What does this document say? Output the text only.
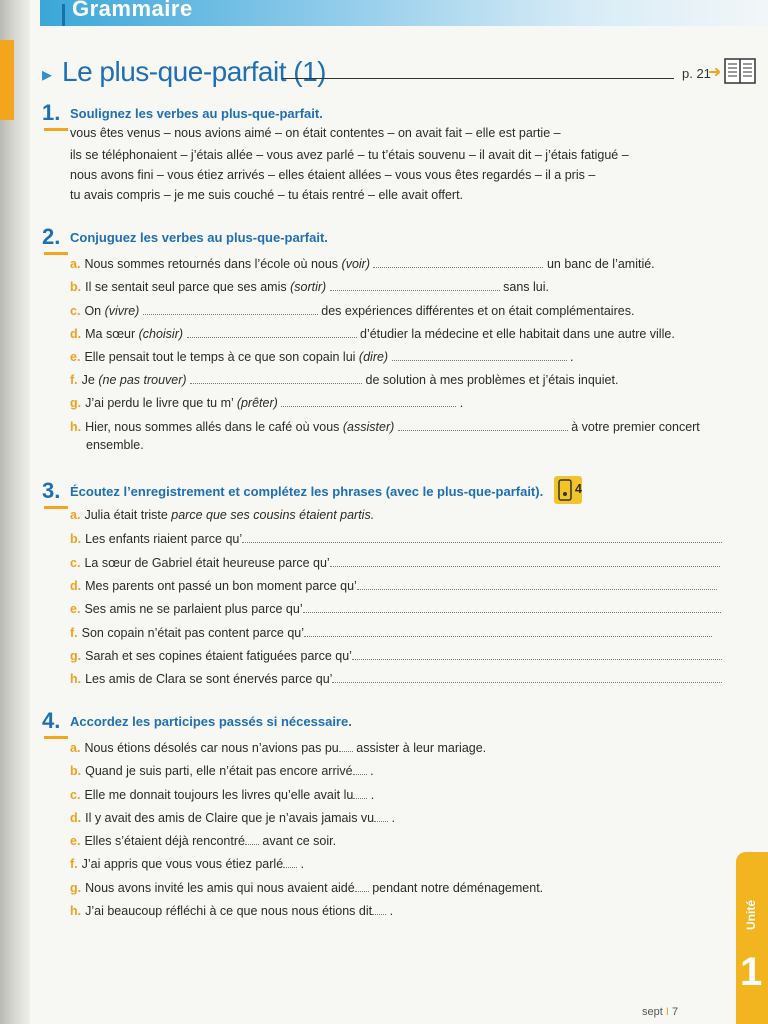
Grammaire
▸ Le plus-que-parfait (1)	p. 21
➜
1. Soulignez les verbes au plus-que-parfait.
vous êtes venus – nous avions aimé – on était contentes – on avait fait – elle est partie –
ils se téléphonaient – j’étais allée – vous avez parlé – tu t’étais souvenu – il avait dit – j’étais fatigué –
nous avons fini – vous étiez arrivés – elles étaient allées – vous vous êtes regardés – il a pris –
tu avais compris – je me suis couché – tu étais rentré – elle avait offert.
2. Conjuguez les verbes au plus-que-parfait.
a. Nous sommes retournés dans l’école où nous (voir)	un banc de l’amitié.
b. Il se sentait seul parce que ses amis (sortir)	sans lui.
c. On (vivre)	des expériences différentes et on était complémentaires.
d. Ma sœur (choisir)	d’étudier la médecine et elle habitait dans une autre ville.
e. Elle pensait tout le temps à ce que son copain lui (dire)	.
f. Je (ne pas trouver)	de solution à mes problèmes et j’étais inquiet.
g. J’ai perdu le livre que tu m’ (prêter)	.
h. Hier, nous sommes allés dans le café où vous (assister)	à votre premier concert
ensemble.
3. Écoutez l’enregistrement et complétez les phrases (avec le plus-que-parfait).	4
a. Julia était triste parce que ses cousins étaient partis.
b. Les enfants riaient parce qu’
c. La sœur de Gabriel était heureuse parce qu’
d. Mes parents ont passé un bon moment parce qu’
e. Ses amis ne se parlaient plus parce qu’
f. Son copain n’était pas content parce qu’
g. Sarah et ses copines étaient fatiguées parce qu’
h. Les amis de Clara se sont énervés parce qu’
4. Accordez les participes passés si nécessaire.
a. Nous étions désolés car nous n’avions pas pu assister à leur mariage.
b. Quand je suis parti, elle n’était pas encore arrivé .
c. Elle me donnait toujours les livres qu’elle avait lu .
d. Il y avait des amis de Claire que je n’avais jamais vu .
e. Elles s’étaient déjà rencontré avant ce soir.
f. J’ai appris que vous vous étiez parlé .
g. Nous avons invité les amis qui nous avaient aidé pendant notre déménagement.
h. J’ai beaucoup réfléchi à ce que nous nous étions dit .	Unité
1
sept I 7
